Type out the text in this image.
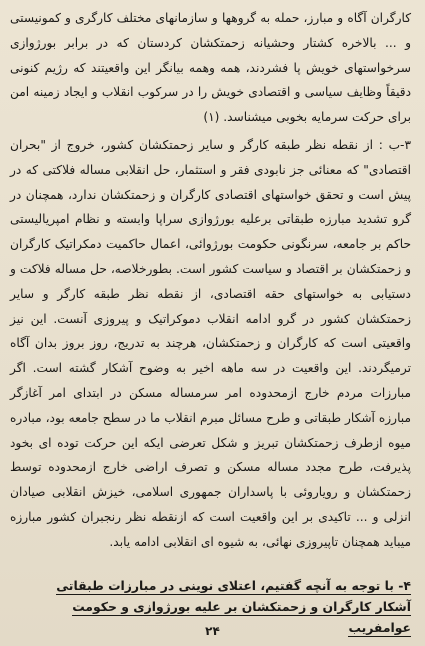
کارگران آگاه و مبارز، حمله به گروهها و سازمانهای مختلف کارگری و کمونیستی و ... بالاخره کشتار وحشیانه زحمتکشان کردستان که در برابر بورژوازی سرخواستهای خویش پا فشردند، همه وهمه بیانگر این واقعیتند که رژیم کنونی دقیقاً وظایف سیاسی و اقتصادی خویش را در سرکوب انقلاب و ایجاد زمینه امن برای حرکت سرمایه بخوبی میشناسد. (۱)

۳-ب : از نقطه نظر طبقه کارگر و سایر زحمتکشان کشور، خروج از "بحران اقتصادی" که معنائی جز نابودی فقر و استثمار، حل انقلابی مساله فلاکتی که در پیش است و تحقق خواستهای اقتصادی کارگران و زحمتکشان ندارد، همچنان در گرو تشدید مبارزه طبقاتی برعلیه بورژوازی سراپا وابسته و نظام امپریالیستی حاکم بر جامعه، سرنگونی حکومت بورژوائی، اعمال حاکمیت دمکراتیک کارگران و زحمتکشان بر اقتصاد و سیاست کشور است. بطورخلاصه، حل مساله فلاکت و دستیابی به خواستهای حقه اقتصادی، از نقطه نظر طبقه کارگر و سایر زحمتکشان کشور در گرو ادامه انقلاب دموکراتیک و پیروزی آنست. این نیز واقعیتی است که کارگران و زحمتکشان، هرچند به تدریج، روز بروز بدان آگاه ترمیگردند. این واقعیت در سه ماهه اخیر به وضوح آشکار گشته است. اگر مبارزات مردم خارج ازمحدوده امر سرمساله مسکن در ابتدای امر آغازگر مبارزه آشکار طبقاتی و طرح مسائل مبرم انقلاب ما در سطح جامعه بود، مبادره میوه ازطرف زحمتکشان تبریز و شکل تعرضی ایکه این حرکت توده ای بخود پذیرفت، طرح مجدد مساله مسکن و تصرف اراضی خارج ازمحدوده توسط زحمتکشان و رویاروئی با پاسداران جمهوری اسلامی، خیزش انقلابی صیادان انزلی و ... تاکیدی بر این واقعیت است که ازنقطه نظر رنجبران کشور مبارزه میباید همچنان تاپیروزی نهائی، به شیوه ای انقلابی ادامه یابد.

۴- با توجه به آنچه گفتیم، اعتلای نوینی در مبارزات طبقاتی
آشکار کارگران و زحمتکشان بر علیه بورژوازی و حکومت عوامفریب
۲۴
